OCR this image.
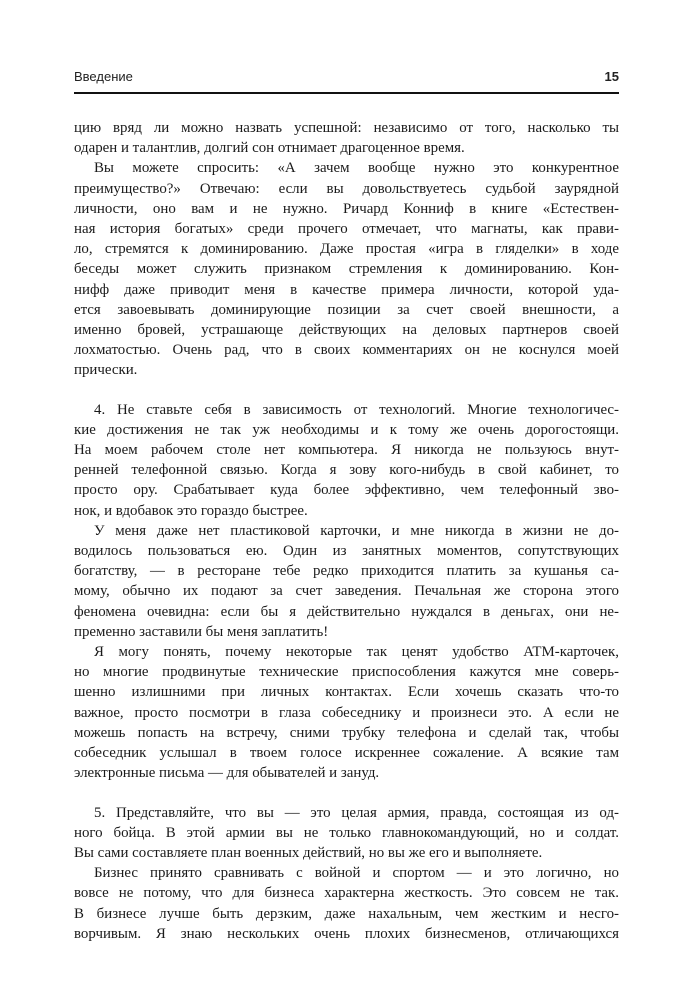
Введение	15
цию вряд ли можно назвать успешной: независимо от того, насколько ты
одарен и талантлив, долгий сон отнимает драгоценное время.
Вы можете спросить: «А зачем вообще нужно это конкурентное
преимущество?» Отвечаю: если вы довольствуетесь судьбой заурядной
личности, оно вам и не нужно. Ричард Конниф в книге «Естествен-
ная история богатых» среди прочего отмечает, что магнаты, как прави-
ло, стремятся к доминированию. Даже простая «игра в гляделки» в ходе
беседы может служить признаком стремления к доминированию. Кон-
нифф даже приводит меня в качестве примера личности, которой уда-
ется завоевывать доминирующие позиции за счет своей внешности, а
именно бровей, устрашающе действующих на деловых партнеров своей
лохматостью. Очень рад, что в своих комментариях он не коснулся моей
прически.
4. Не ставьте себя в зависимость от технологий. Многие технологичес-
кие достижения не так уж необходимы и к тому же очень дорогостоящи.
На моем рабочем столе нет компьютера. Я никогда не пользуюсь внут-
ренней телефонной связью. Когда я зову кого-нибудь в свой кабинет, то
просто ору. Срабатывает куда более эффективно, чем телефонный зво-
нок, и вдобавок это гораздо быстрее.
У меня даже нет пластиковой карточки, и мне никогда в жизни не до-
водилось пользоваться ею. Один из занятных моментов, сопутствующих
богатству, — в ресторане тебе редко приходится платить за кушанья са-
мому, обычно их подают за счет заведения. Печальная же сторона этого
феномена очевидна: если бы я действительно нуждался в деньгах, они не-
пременно заставили бы меня заплатить!
Я могу понять, почему некоторые так ценят удобство ATM-карточек,
но многие продвинутые технические приспособления кажутся мне соверь-
шенно излишними при личных контактах. Если хочешь сказать что-то
важное, просто посмотри в глаза собеседнику и произнеси это. А если не
можешь попасть на встречу, сними трубку телефона и сделай так, чтобы
собеседник услышал в твоем голосе искреннее сожаление. А всякие там
электронные письма — для обывателей и зануд.
5. Представляйте, что вы — это целая армия, правда, состоящая из од-
ного бойца. В этой армии вы не только главнокомандующий, но и солдат.
Вы сами составляете план военных действий, но вы же его и выполняете.
Бизнес принято сравнивать с войной и спортом — и это логично, но
вовсе не потому, что для бизнеса характерна жесткость. Это совсем не так.
В бизнесе лучше быть дерзким, даже нахальным, чем жестким и несго-
ворчивым. Я знаю нескольких очень плохих бизнесменов, отличающихся
